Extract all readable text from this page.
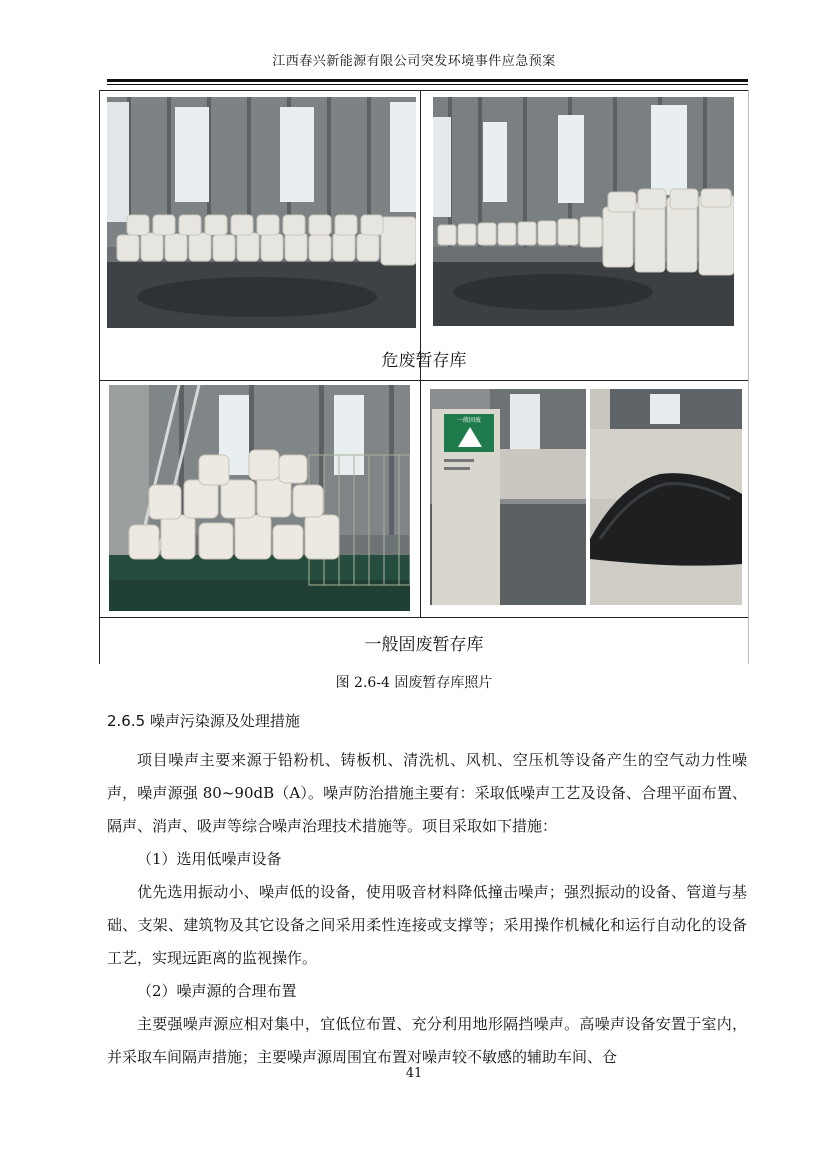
江西春兴新能源有限公司突发环境事件应急预案
危废暂存库
一般固废
一般固废暂存库
图 2.6-4 固废暂存库照片
2.6.5 噪声污染源及处理措施

项目噪声主要来源于铅粉机、铸板机、清洗机、风机、空压机等设备产生的空气动力性噪声，噪声源强 80~90dB（A）。噪声防治措施主要有：采取低噪声工艺及设备、合理平面布置、隔声、消声、吸声等综合噪声治理技术措施等。项目采取如下措施：

（1）选用低噪声设备

优先选用振动小、噪声低的设备，使用吸音材料降低撞击噪声；强烈振动的设备、管道与基础、支架、建筑物及其它设备之间采用柔性连接或支撑等；采用操作机械化和运行自动化的设备工艺，实现远距离的监视操作。

（2）噪声源的合理布置

主要强噪声源应相对集中，宜低位布置、充分利用地形隔挡噪声。高噪声设备安置于室内，并采取车间隔声措施；主要噪声源周围宜布置对噪声较不敏感的辅助车间、仓

41
